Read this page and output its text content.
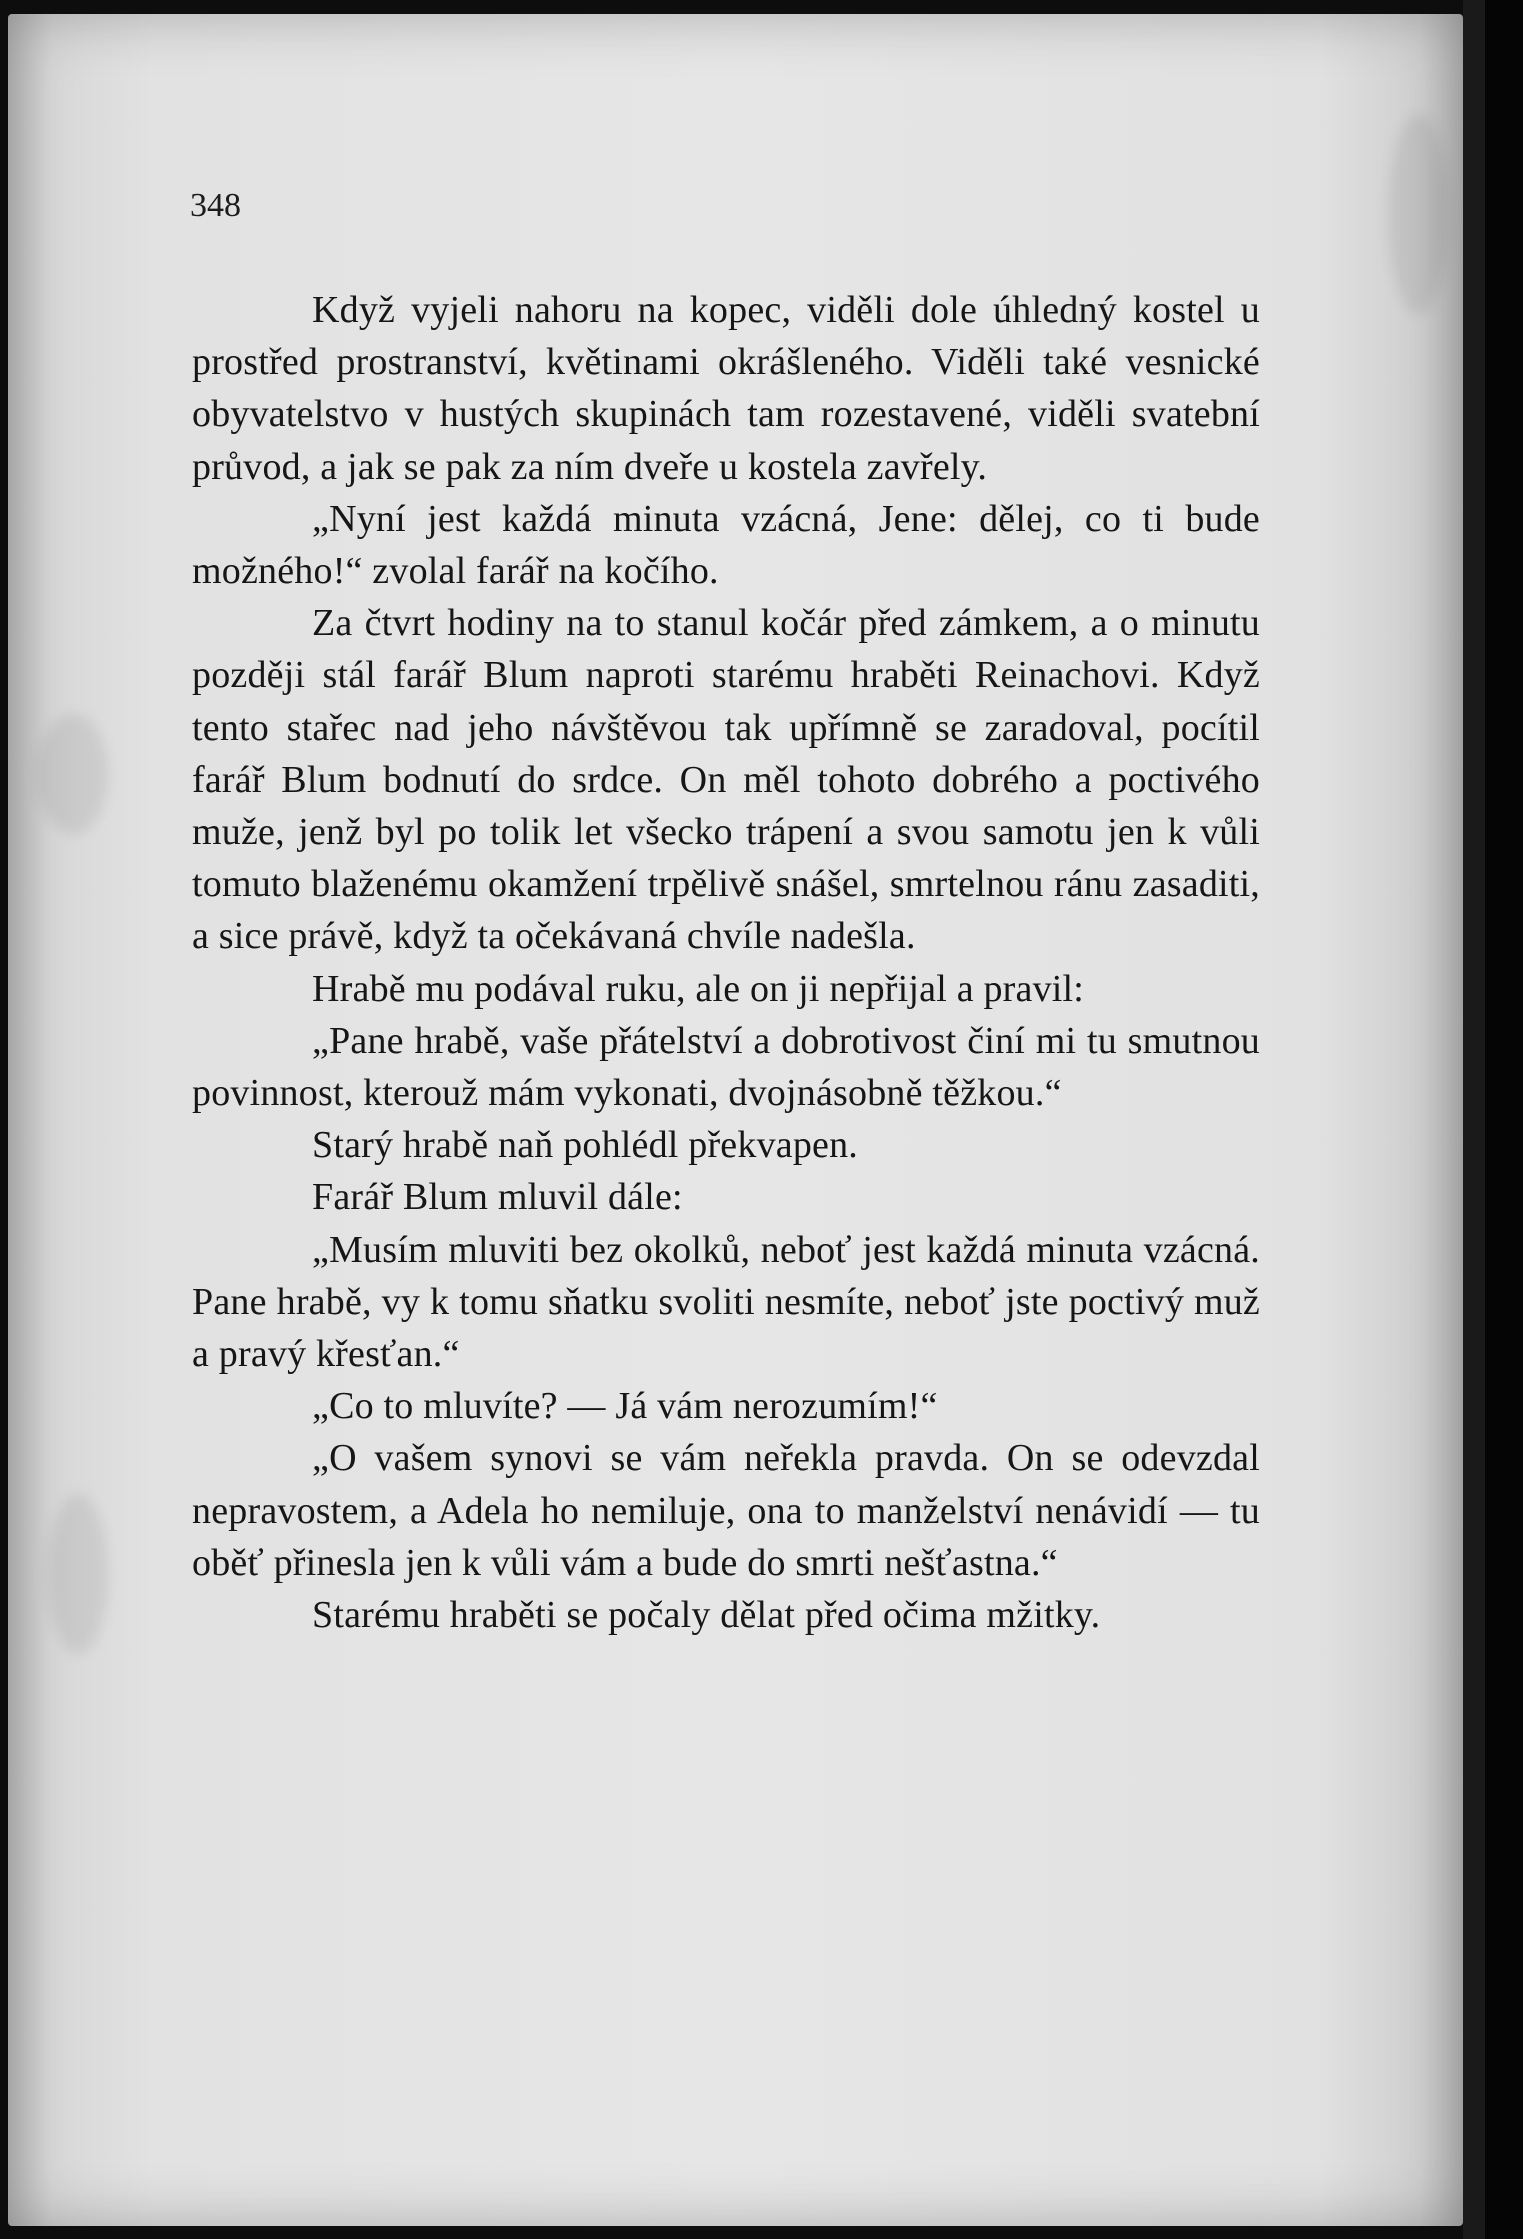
348

Když vyjeli nahoru na kopec, viděli dole úhledný kostel u prostřed prostranství, květinami okrášleného. Viděli také vesnické obyvatelstvo v hustých skupinách tam rozestavené, viděli svatební průvod, a jak se pak za ním dveře u kostela zavřely.

„Nyní jest každá minuta vzácná, Jene: dělej, co ti bude možného!“ zvolal farář na kočího.

Za čtvrt hodiny na to stanul kočár před zámkem, a o minutu později stál farář Blum naproti starému hraběti Reinachovi. Když tento stařec nad jeho návštěvou tak upřímně se zaradoval, pocítil farář Blum bodnutí do srdce. On měl tohoto dobrého a poctivého muže, jenž byl po tolik let všecko trápení a svou samotu jen k vůli tomuto blaženému okamžení trpělivě snášel, smrtelnou ránu zasaditi, a sice právě, když ta očekávaná chvíle nadešla.

Hrabě mu podával ruku, ale on ji nepřijal a pravil:

„Pane hrabě, vaše přátelství a dobrotivost činí mi tu smutnou povinnost, kterouž mám vykonati, dvojnásobně těžkou.“

Starý hrabě naň pohlédl překvapen.

Farář Blum mluvil dále:

„Musím mluviti bez okolků, neboť jest každá minuta vzácná. Pane hrabě, vy k tomu sňatku svoliti nesmíte, neboť jste poctivý muž a pravý křesťan.“

„Co to mluvíte? — Já vám nerozumím!“

„O vašem synovi se vám neřekla pravda. On se odevzdal nepravostem, a Adela ho nemiluje, ona to manželství nenávidí — tu oběť přinesla jen k vůli vám a bude do smrti nešťastna.“

Starému hraběti se počaly dělat před očima mžitky.
